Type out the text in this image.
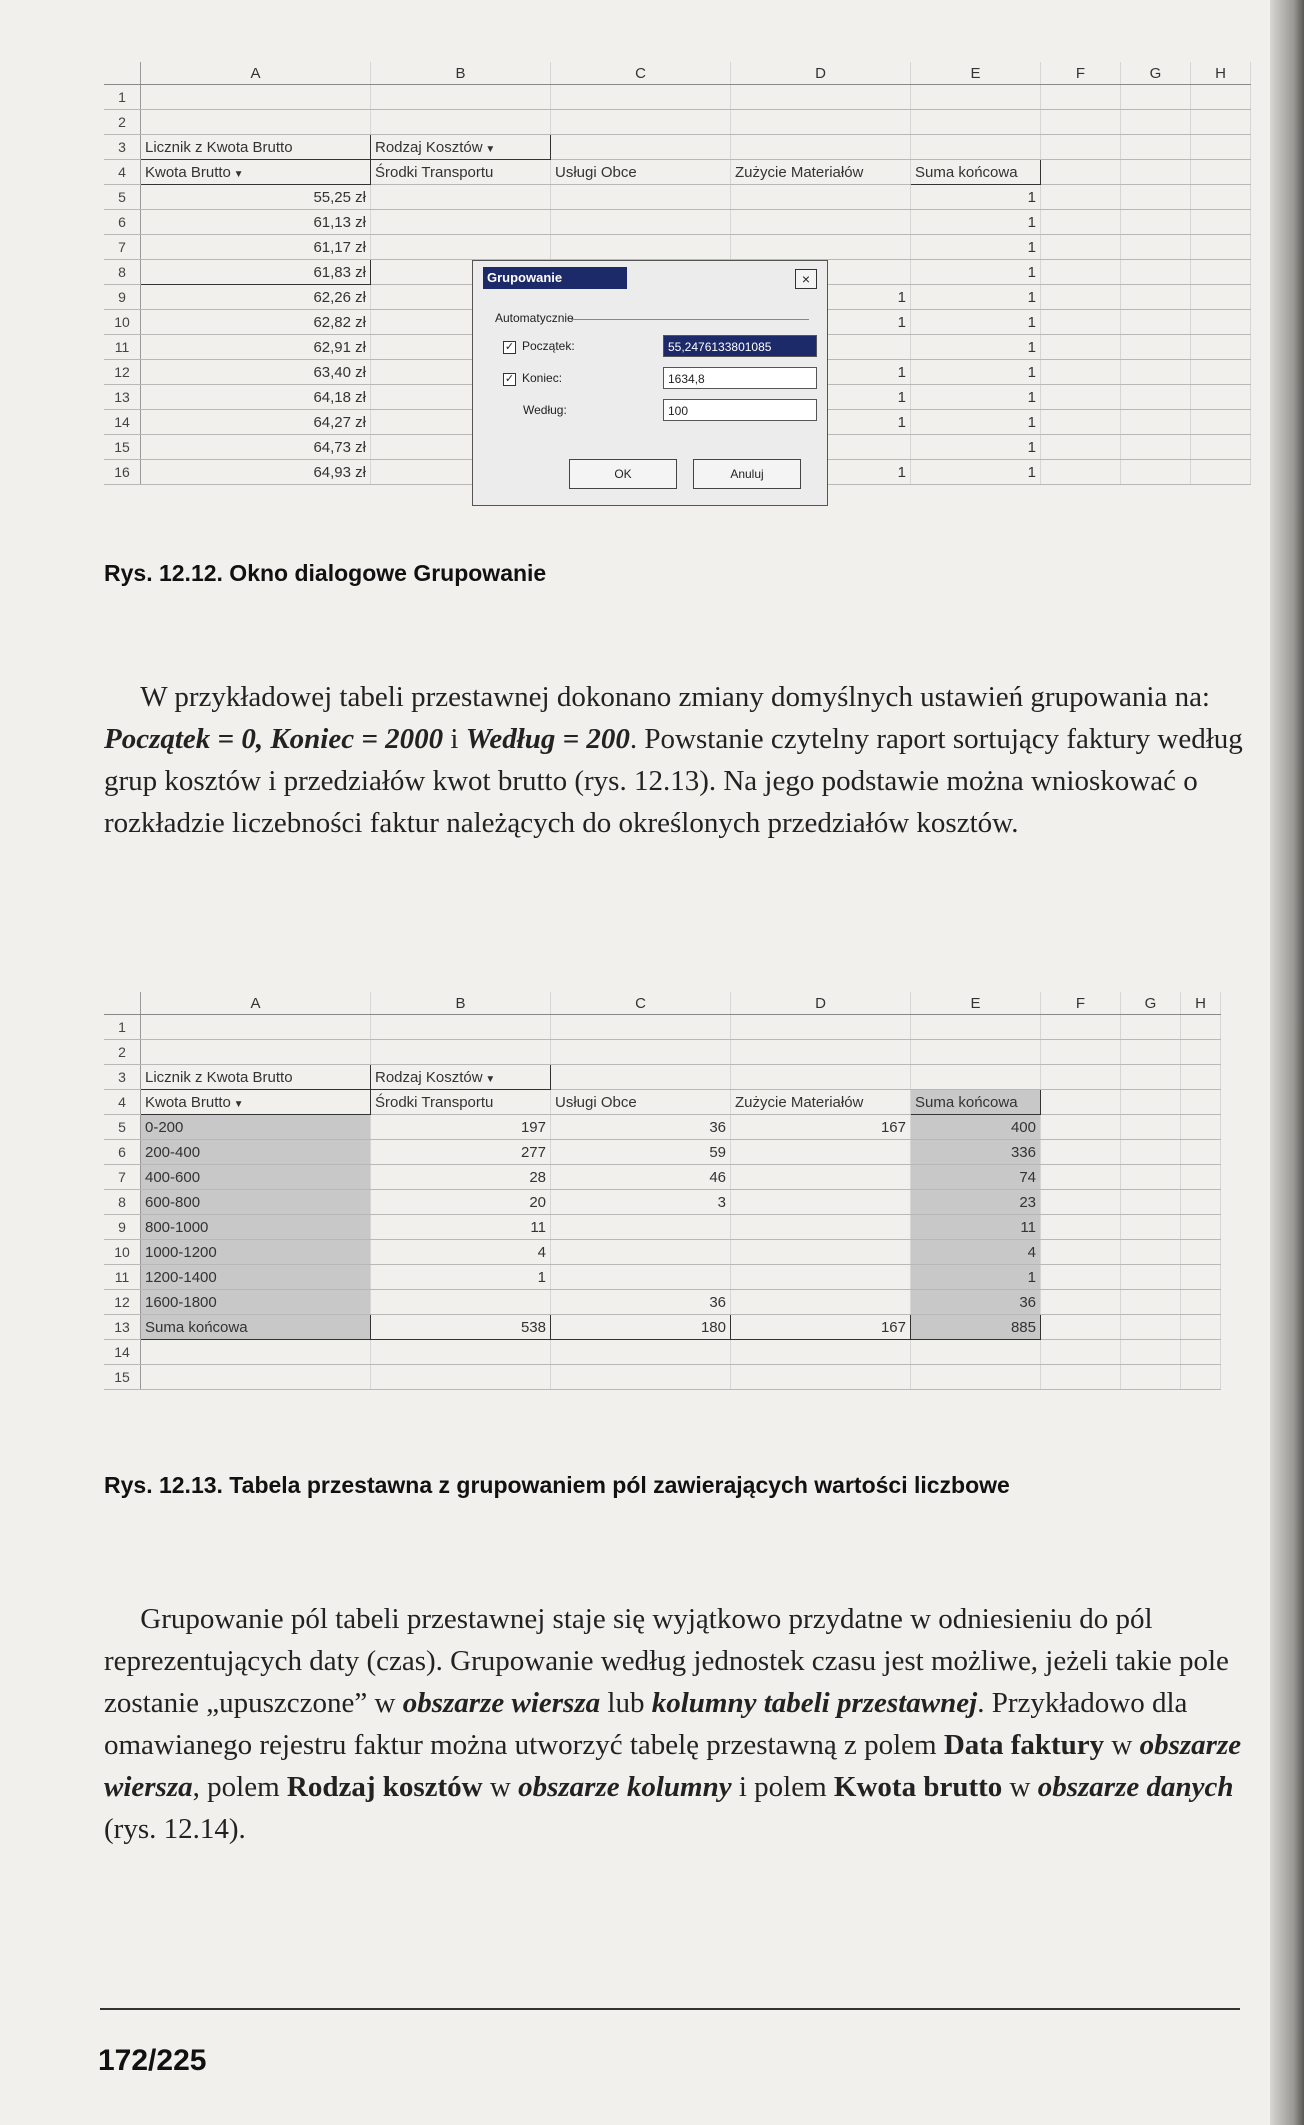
	A	B	C	D	E	F	G	H
1								
2								
3	Licznik z Kwota Brutto	Rodzaj Kosztów ▼						
4	Kwota Brutto ▼	Środki Transportu	Usługi Obce	Zużycie Materiałów	Suma końcowa			
5	55,25 zł				1			
6	61,13 zł				1			
7	61,17 zł				1			
8	61,83 zł				1			
9	62,26 zł			1	1			
10	62,82 zł			1	1			
11	62,91 zł				1			
12	63,40 zł			1	1			
13	64,18 zł			1	1			
14	64,27 zł			1	1			
15	64,73 zł				1			
16	64,93 zł			1	1			
Grupowanie	×
Automatycznie
✓ Początek:	55,2476133801085
✓ Koniec:	1634,8
Według:	100
OK	Anuluj
Rys. 12.12. Okno dialogowe Grupowanie
W przykładowej tabeli przestawnej dokonano zmiany domyślnych ustawień grupowania na: Początek = 0, Koniec = 2000 i Według = 200. Powstanie czytelny raport sortujący faktury według grup kosztów i przedziałów kwot brutto (rys. 12.13). Na jego podstawie można wnioskować o rozkładzie liczebności faktur należących do określonych przedziałów kosztów.
	A	B	C	D	E	F	G	H
1								
2								
3	Licznik z Kwota Brutto	Rodzaj Kosztów ▼						
4	Kwota Brutto ▼	Środki Transportu	Usługi Obce	Zużycie Materiałów	Suma końcowa			
5	0-200	197	36	167	400			
6	200-400	277	59		336			
7	400-600	28	46		74			
8	600-800	20	3		23			
9	800-1000	11			11			
10	1000-1200	4			4			
11	1200-1400	1			1			
12	1600-1800		36		36			
13	Suma końcowa	538	180	167	885			
14								
15								
Rys. 12.13. Tabela przestawna z grupowaniem pól zawierających wartości liczbowe
Grupowanie pól tabeli przestawnej staje się wyjątkowo przydatne w odniesieniu do pól reprezentujących daty (czas). Grupowanie według jednostek czasu jest możliwe, jeżeli takie pole zostanie „upuszczone” w obszarze wiersza lub kolumny tabeli przestawnej. Przykładowo dla omawianego rejestru faktur można utworzyć tabelę przestawną z polem Data faktury w obszarze wiersza, polem Rodzaj kosztów w obszarze kolumny i polem Kwota brutto w obszarze danych (rys. 12.14).
172/225
